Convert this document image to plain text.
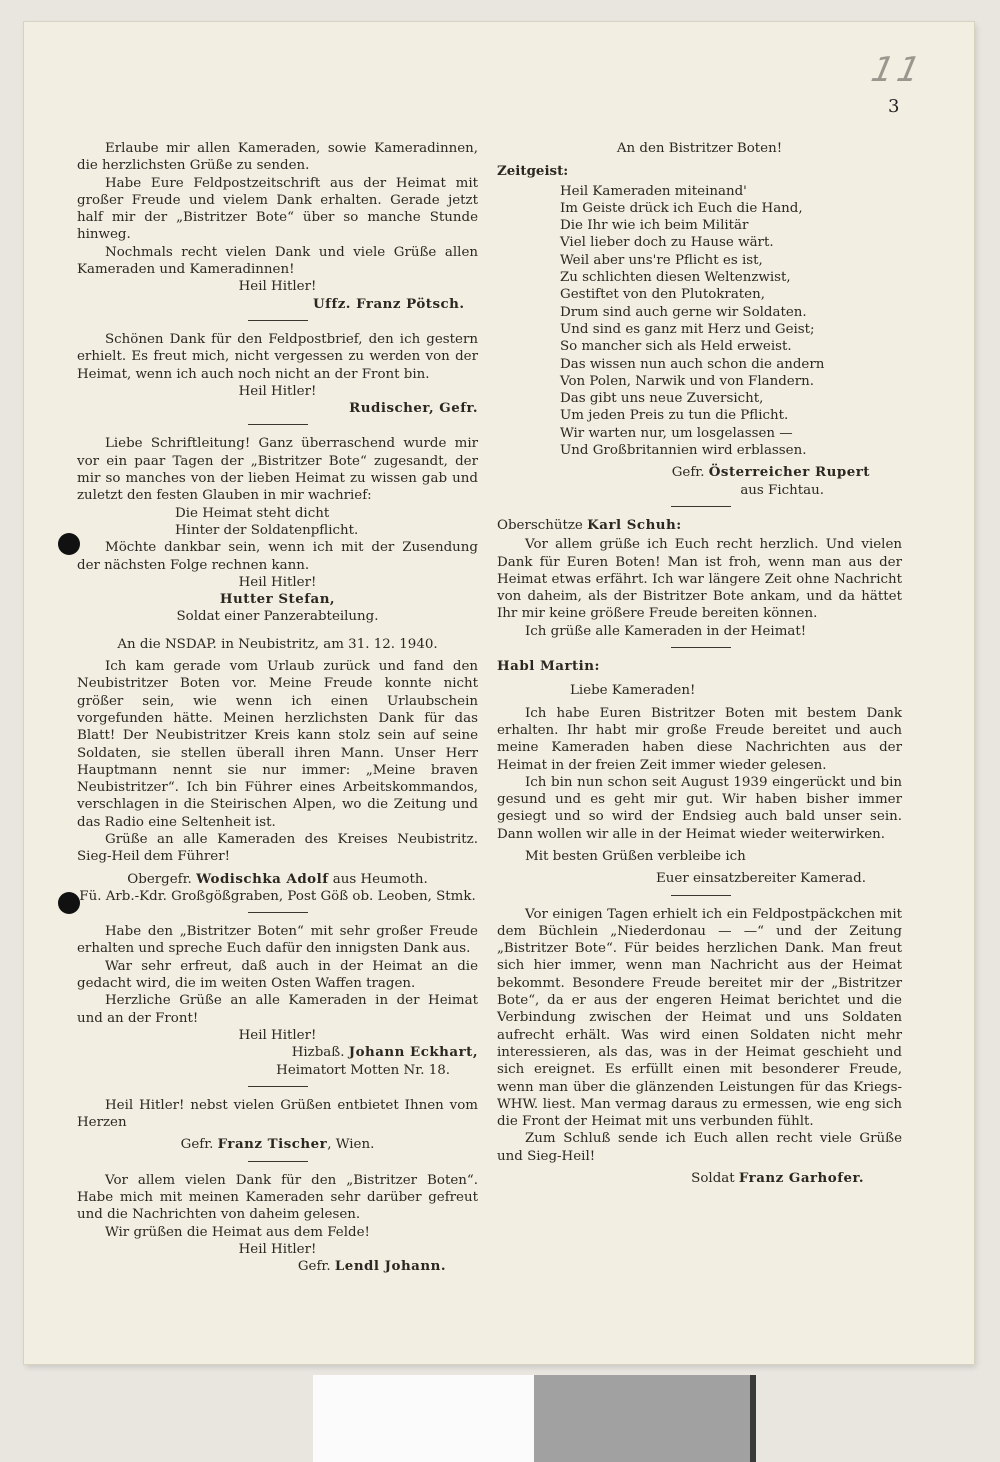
11
3

Erlaube mir allen Kameraden, sowie Kameradinnen, die herzlichsten Grüße zu senden.

Habe Eure Feldpostzeitschrift aus der Heimat mit großer Freude und vielem Dank erhalten. Gerade jetzt half mir der „Bistritzer Bote“ über so manche Stunde hinweg.

Nochmals recht vielen Dank und viele Grüße allen Kameraden und Kameradinnen!

Heil Hitler!

Uffz. Franz Pötsch.

Schönen Dank für den Feldpostbrief, den ich gestern erhielt. Es freut mich, nicht vergessen zu werden von der Heimat, wenn ich auch noch nicht an der Front bin.

Heil Hitler!

Rudischer, Gefr.

Liebe Schriftleitung! Ganz überraschend wurde mir vor ein paar Tagen der „Bistritzer Bote“ zugesandt, der mir so manches von der lieben Heimat zu wissen gab und zuletzt den festen Glauben in mir wachrief:

Die Heimat steht dicht

Hinter der Soldatenpflicht.

Möchte dankbar sein, wenn ich mit der Zusendung der nächsten Folge rechnen kann.

Heil Hitler!

Hutter Stefan,

Soldat einer Panzerabteilung.

An die NSDAP. in Neubistritz, am 31. 12. 1940.

Ich kam gerade vom Urlaub zurück und fand den Neubistritzer Boten vor. Meine Freude konnte nicht größer sein, wie wenn ich einen Urlaubschein vorgefunden hätte. Meinen herzlichsten Dank für das Blatt! Der Neubistritzer Kreis kann stolz sein auf seine Soldaten, sie stellen überall ihren Mann. Unser Herr Hauptmann nennt sie nur immer: „Meine braven Neubistritzer“. Ich bin Führer eines Arbeitskommandos, verschlagen in die Steirischen Alpen, wo die Zeitung und das Radio eine Seltenheit ist.

Grüße an alle Kameraden des Kreises Neubistritz. Sieg-Heil dem Führer!

Obergefr. Wodischka Adolf aus Heumoth.

Fü. Arb.-Kdr. Großgößgraben, Post Göß ob. Leoben, Stmk.

Habe den „Bistritzer Boten“ mit sehr großer Freude erhalten und spreche Euch dafür den innigsten Dank aus.

War sehr erfreut, daß auch in der Heimat an die gedacht wird, die im weiten Osten Waffen tragen.

Herzliche Grüße an alle Kameraden in der Heimat und an der Front!

Heil Hitler!

Hizbaß. Johann Eckhart,

Heimatort Motten Nr. 18.

Heil Hitler! nebst vielen Grüßen entbietet Ihnen vom Herzen

Gefr. Franz Tischer, Wien.

Vor allem vielen Dank für den „Bistritzer Boten“. Habe mich mit meinen Kameraden sehr darüber gefreut und die Nachrichten von daheim gelesen.

Wir grüßen die Heimat aus dem Felde!

Heil Hitler!

Gefr. Lendl Johann.

An den Bistritzer Boten!

Zeitgeist:

Heil Kameraden miteinand'
Im Geiste drück ich Euch die Hand,
Die Ihr wie ich beim Militär
Viel lieber doch zu Hause wärt.
Weil aber uns're Pflicht es ist,
Zu schlichten diesen Weltenzwist,
Gestiftet von den Plutokraten,
Drum sind auch gerne wir Soldaten.
Und sind es ganz mit Herz und Geist;
So mancher sich als Held erweist.
Das wissen nun auch schon die andern
Von Polen, Narwik und von Flandern.
Das gibt uns neue Zuversicht,
Um jeden Preis zu tun die Pflicht.
Wir warten nur, um losgelassen —
Und Großbritannien wird erblassen.

Gefr. Österreicher Rupert

aus Fichtau.

Oberschütze Karl Schuh:

Vor allem grüße ich Euch recht herzlich. Und vielen Dank für Euren Boten! Man ist froh, wenn man aus der Heimat etwas erfährt. Ich war längere Zeit ohne Nachricht von daheim, als der Bistritzer Bote ankam, und da hättet Ihr mir keine größere Freude bereiten können.

Ich grüße alle Kameraden in der Heimat!

Habl Martin:

Liebe Kameraden!

Ich habe Euren Bistritzer Boten mit bestem Dank erhalten. Ihr habt mir große Freude bereitet und auch meine Kameraden haben diese Nachrichten aus der Heimat in der freien Zeit immer wieder gelesen.

Ich bin nun schon seit August 1939 eingerückt und bin gesund und es geht mir gut. Wir haben bisher immer gesiegt und so wird der Endsieg auch bald unser sein. Dann wollen wir alle in der Heimat wieder weiterwirken.

Mit besten Grüßen verbleibe ich

Euer einsatzbereiter Kamerad.

Vor einigen Tagen erhielt ich ein Feldpostpäckchen mit dem Büchlein „Niederdonau — —“ und der Zeitung „Bistritzer Bote“. Für beides herzlichen Dank. Man freut sich hier immer, wenn man Nachricht aus der Heimat bekommt. Besondere Freude bereitet mir der „Bistritzer Bote“, da er aus der engeren Heimat berichtet und die Verbindung zwischen der Heimat und uns Soldaten aufrecht erhält. Was wird einen Soldaten nicht mehr interessieren, als das, was in der Heimat geschieht und sich ereignet. Es erfüllt einen mit besonderer Freude, wenn man über die glänzenden Leistungen für das Kriegs-WHW. liest. Man vermag daraus zu ermessen, wie eng sich die Front der Heimat mit uns verbunden fühlt.

Zum Schluß sende ich Euch allen recht viele Grüße und Sieg-Heil!

Soldat Franz Garhofer.
